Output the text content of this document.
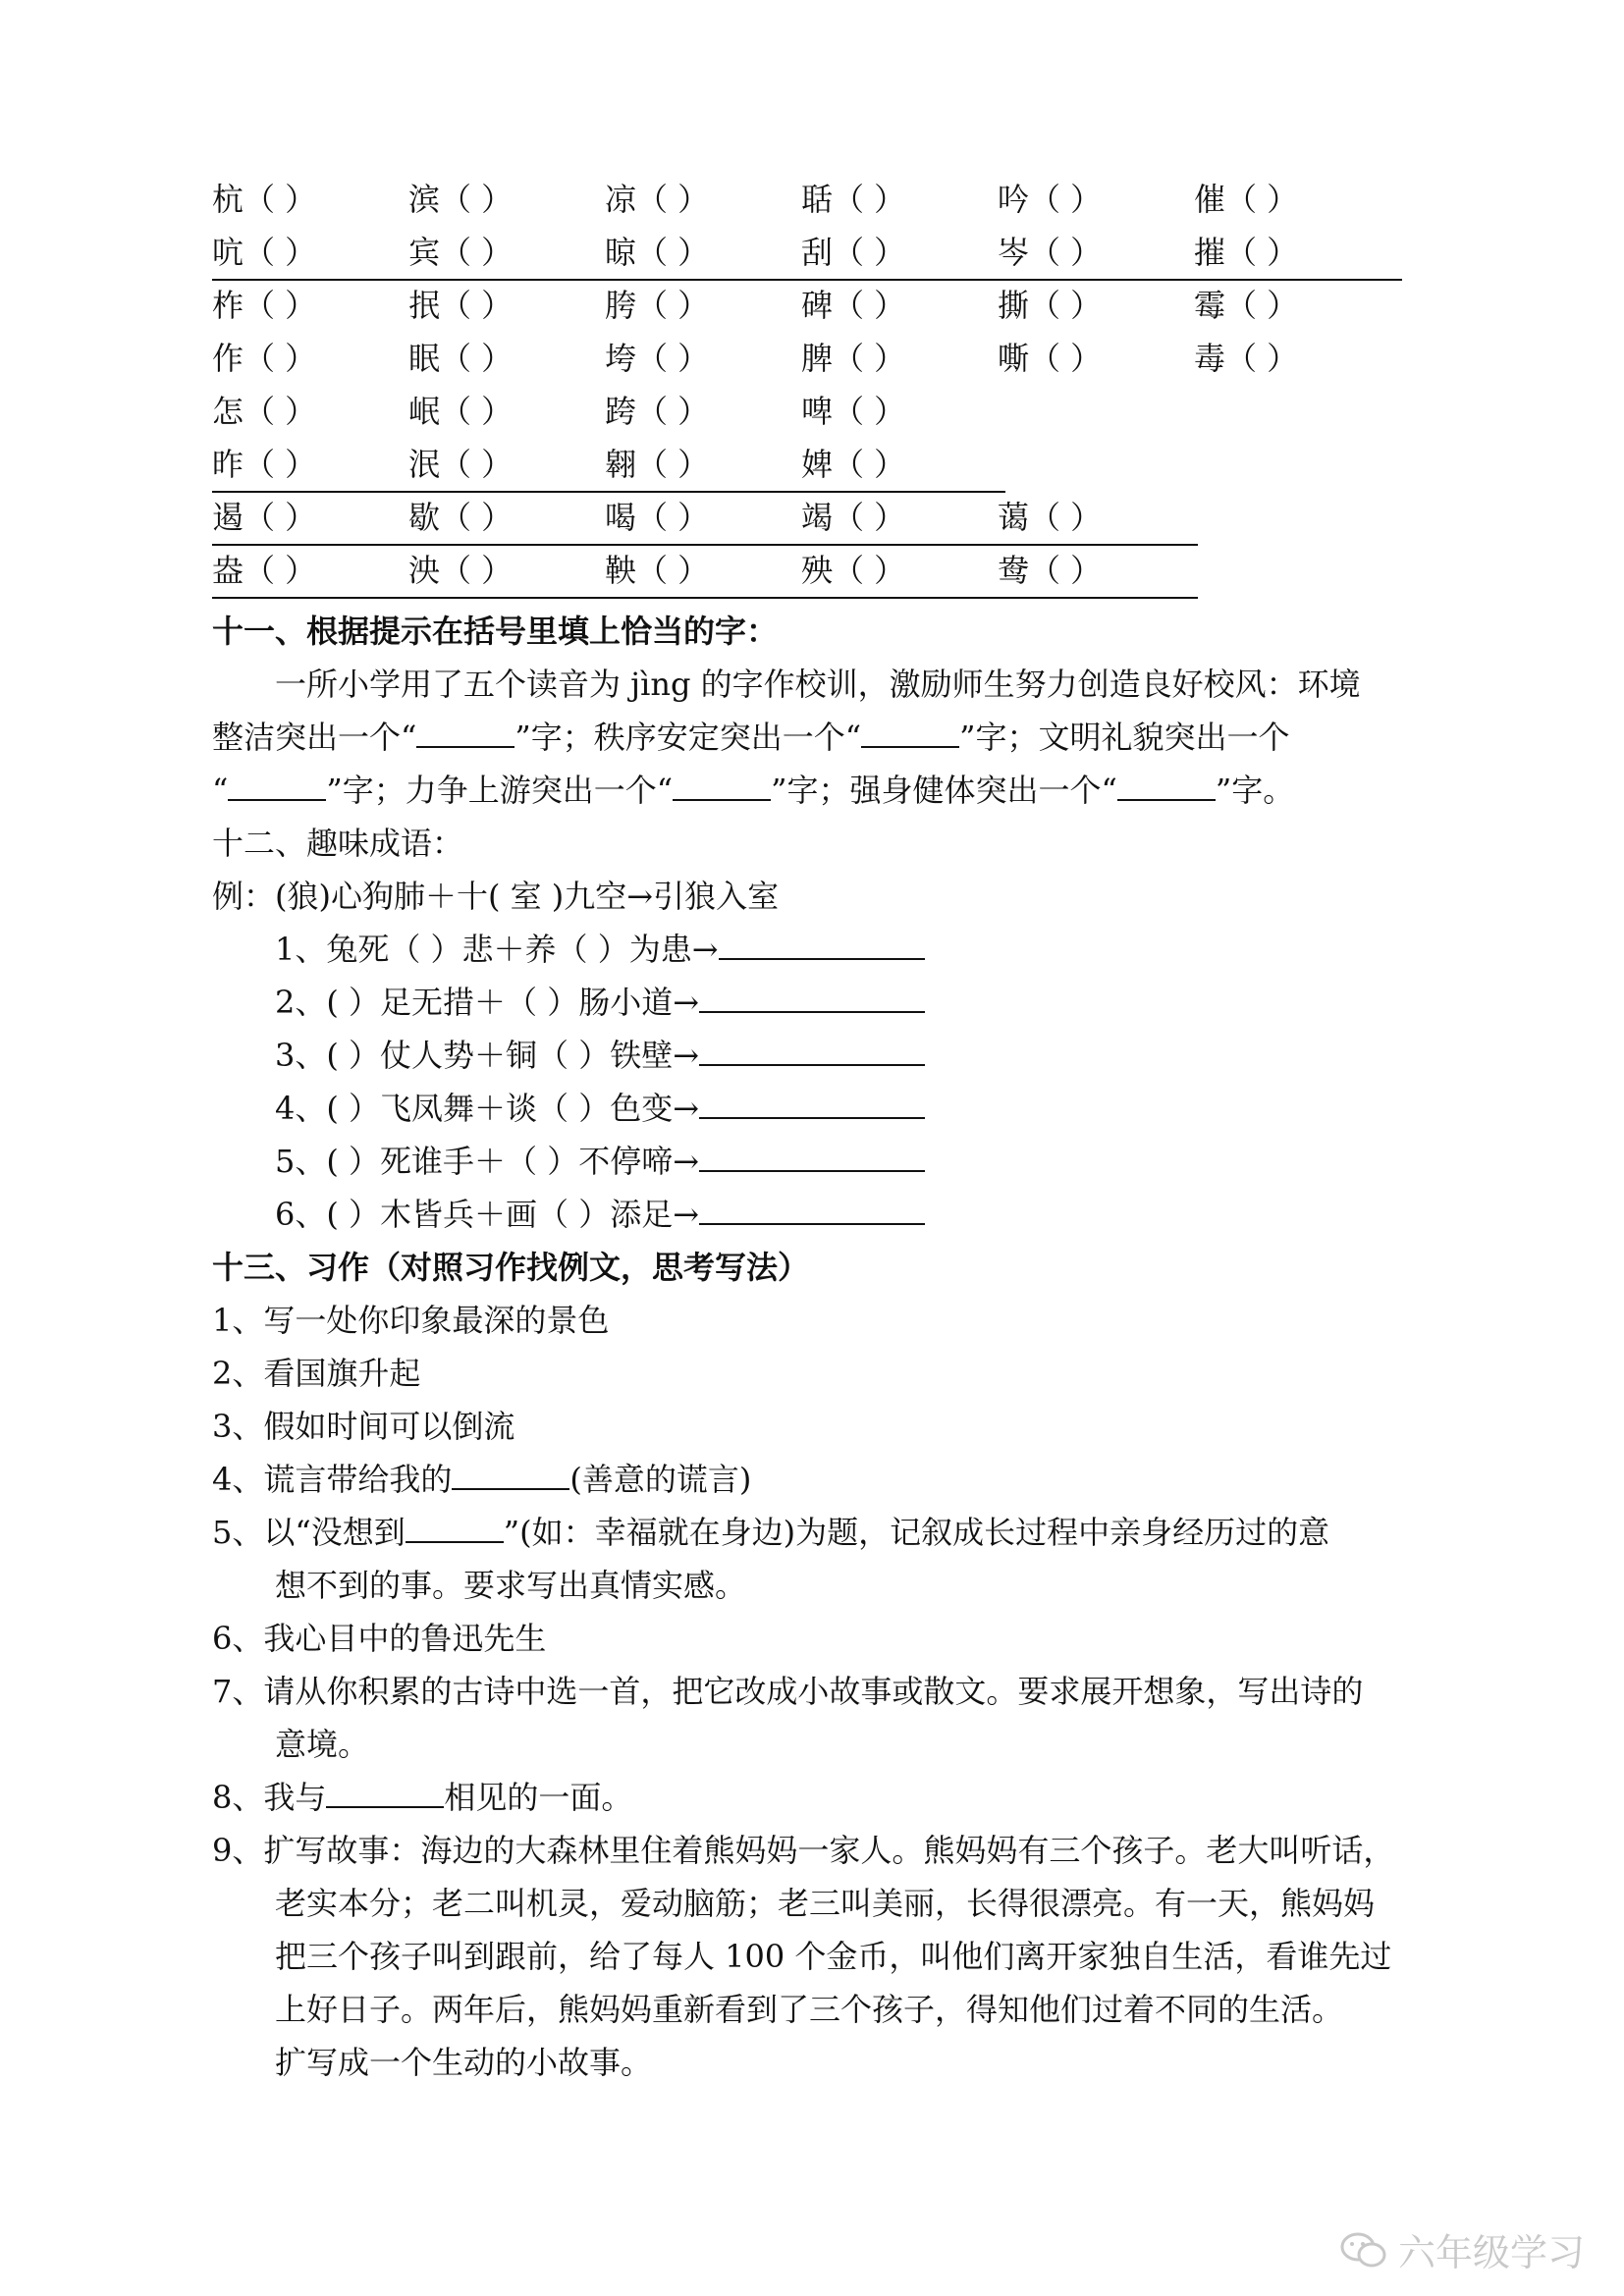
杭（ ）	滨（ ）	凉（ ）	聒（ ）	吟（ ）	催（ ）
吭（ ）	宾（ ）	晾（ ）	刮（ ）	岑（ ）	摧（ ）
柞（ ）	抿（ ）	胯（ ）	碑（ ）	撕（ ）	霉（ ）
作（ ）	眠（ ）	垮（ ）	脾（ ）	嘶（ ）	毒（ ）
怎（ ）	岷（ ）	跨（ ）	啤（ ）
昨（ ）	泯（ ）	翱（ ）	婢（ ）
遏（ ）	歇（ ）	喝（ ）	竭（ ）	蔼（ ）
盎（ ）	泱（ ）	鞅（ ）	殃（ ）	鸯（ ）
十一、根据提示在括号里填上恰当的字：
一所小学用了五个读音为 jìng 的字作校训，激励师生努力创造良好校风：环境
整洁突出一个“	”字；秩序安定突出一个“	”字；文明礼貌突出一个
“	”字；力争上游突出一个“	”字；强身健体突出一个“	”字。
十二、趣味成语：
例：(狼)心狗肺＋十( 室 )九空→引狼入室
1、兔死（ ）悲＋养（ ）为患→
2、( ）足无措＋（ ）肠小道→
3、( ）仗人势＋铜（ ）铁壁→
4、( ）飞凤舞＋谈（ ）色变→
5、( ）死谁手＋（ ）不停啼→
6、( ）木皆兵＋画（ ）添足→
十三、习作（对照习作找例文，思考写法）
1、写一处你印象最深的景色
2、看国旗升起
3、假如时间可以倒流
4、谎言带给我的	(善意的谎言)
5、以“没想到	”(如：幸福就在身边)为题，记叙成长过程中亲身经历过的意
想不到的事。要求写出真情实感。
6、我心目中的鲁迅先生
7、请从你积累的古诗中选一首，把它改成小故事或散文。要求展开想象，写出诗的
意境。
8、我与	相见的一面。
9、扩写故事：海边的大森林里住着熊妈妈一家人。熊妈妈有三个孩子。老大叫听话，
老实本分；老二叫机灵，爱动脑筋；老三叫美丽，长得很漂亮。有一天，熊妈妈
把三个孩子叫到跟前，给了每人 100 个金币，叫他们离开家独自生活，看谁先过
上好日子。两年后，熊妈妈重新看到了三个孩子，得知他们过着不同的生活。
扩写成一个生动的小故事。
六年级学习
